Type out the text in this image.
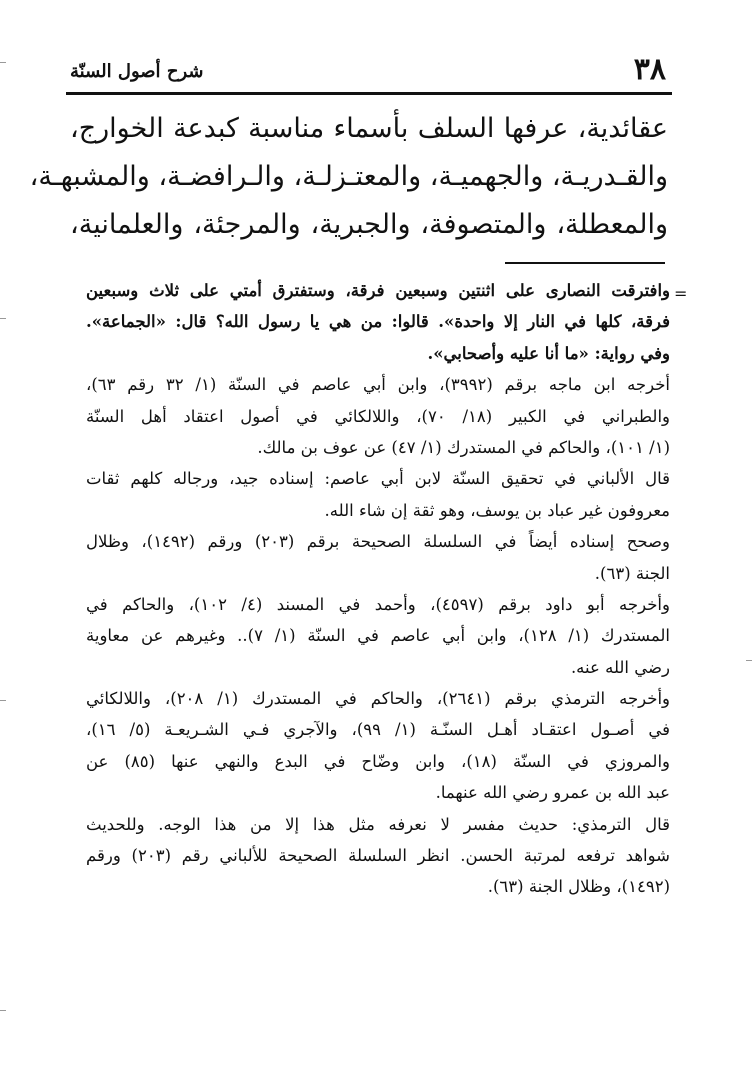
٣٨
شرح أصول السنّة
عقائدية، عرفها السلف بأسماء مناسبة كبدعة الخوارج،
والقـدريـة، والجهميـة، والمعتـزلـة، والـرافضـة، والمشبهـة،
والمعطلة، والمتصوفة، والجبرية، والمرجئة، والعلمانية،
=
وافترقت النصارى على اثنتين وسبعين فرقة، وستفترق أمتي على ثلاث وسبعين
فرقة، كلها في النار إلا واحدة». قالوا: من هي يا رسول الله؟ قال: «الجماعة».
وفي رواية: «ما أنا عليه وأصحابي».
أخرجه ابن ماجه برقم (٣٩٩٢)، وابن أبي عاصم في السنّة (١/ ٣٢ رقم ٦٣)،
والطبراني في الكبير (١٨/ ٧٠)، واللالكائي في أصول اعتقاد أهل السنّة
(١/ ١٠١)، والحاكم في المستدرك (١/ ٤٧) عن عوف بن مالك.
قال الألباني في تحقيق السنّة لابن أبي عاصم: إسناده جيد، ورجاله كلهم ثقات
معروفون غير عباد بن يوسف، وهو ثقة إن شاء الله.
وصحح إسناده أيضاً في السلسلة الصحيحة برقم (٢٠٣) ورقم (١٤٩٢)، وظلال
الجنة (٦٣).
وأخرجه أبو داود برقم (٤٥٩٧)، وأحمد في المسند (٤/ ١٠٢)، والحاكم في
المستدرك (١/ ١٢٨)، وابن أبي عاصم في السنّة (١/ ٧).. وغيرهم عن معاوية
رضي الله عنه.
وأخرجه الترمذي برقم (٢٦٤١)، والحاكم في المستدرك (١/ ٢٠٨)، واللالكائي
في أصـول اعتقـاد أهـل السنّـة (١/ ٩٩)، والآجري فـي الشـريعـة (٥/ ١٦)،
والمروزي في السنّة (١٨)، وابن وضّاح في البدع والنهي عنها (٨٥) عن
عبد الله بن عمرو رضي الله عنهما.
قال الترمذي: حديث مفسر لا نعرفه مثل هذا إلا من هذا الوجه. وللحديث
شواهد ترفعه لمرتبة الحسن. انظر السلسلة الصحيحة للألباني رقم (٢٠٣) ورقم
(١٤٩٢)، وظلال الجنة (٦٣).
